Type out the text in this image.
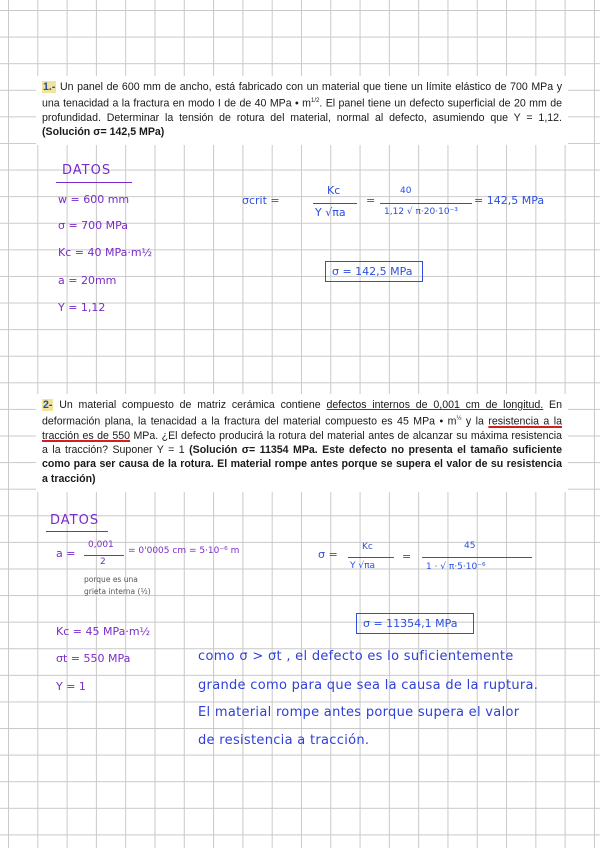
1.- Un panel de 600 mm de ancho, está fabricado con un material que tiene un límite elástico de 700 MPa y una tenacidad a la fractura en modo I de de 40 MPa • $m^{1/2}$. El panel tiene un defecto superficial de 20 mm de profundidad. Determinar la tensión de rotura del material, normal al defecto, asumiendo que Y = 1,12. (Solución σ= 142,5 MPa)
DATOS
w = 600 mm
σ = 700 MPa
Kc = 40 MPa·m½
a = 20mm
Y = 1,12
σcrit =
Kc
Y √πa
=
40
1,12 √ π·20·10⁻³
= 142,5 MPa
σ = 142,5 MPa
2- Un material compuesto de matriz cerámica contiene defectos internos de 0,001 cm de longitud. En deformación plana, la tenacidad a la fractura del material compuesto es 45 MPa • $m^{\frac{1}{2}}$ y la resistencia a la tracción es de 550 MPa. ¿El defecto producirá la rotura del material antes de alcanzar su máxima resistencia a la tracción? Suponer Y = 1 (Solución σ= 11354 MPa. Este defecto no presenta el tamaño suficiente como para ser causa de la rotura. El material rompe antes porque se supera el valor de su resistencia a tracción)
DATOS
a =
0,001
2
= 0'0005 cm = 5·10⁻⁶ m
porque es una
grieta interna (½)
Kc = 45 MPa·m½
σt = 550 MPa
Y = 1
σ =
Kc
Y √πa
=
45
1 · √ π·5·10⁻⁶
σ = 11354,1 MPa
como σ > σt , el defecto es lo suficientemente
grande como para que sea la causa de la ruptura.
El material rompe antes porque supera el valor
de resistencia a tracción.
